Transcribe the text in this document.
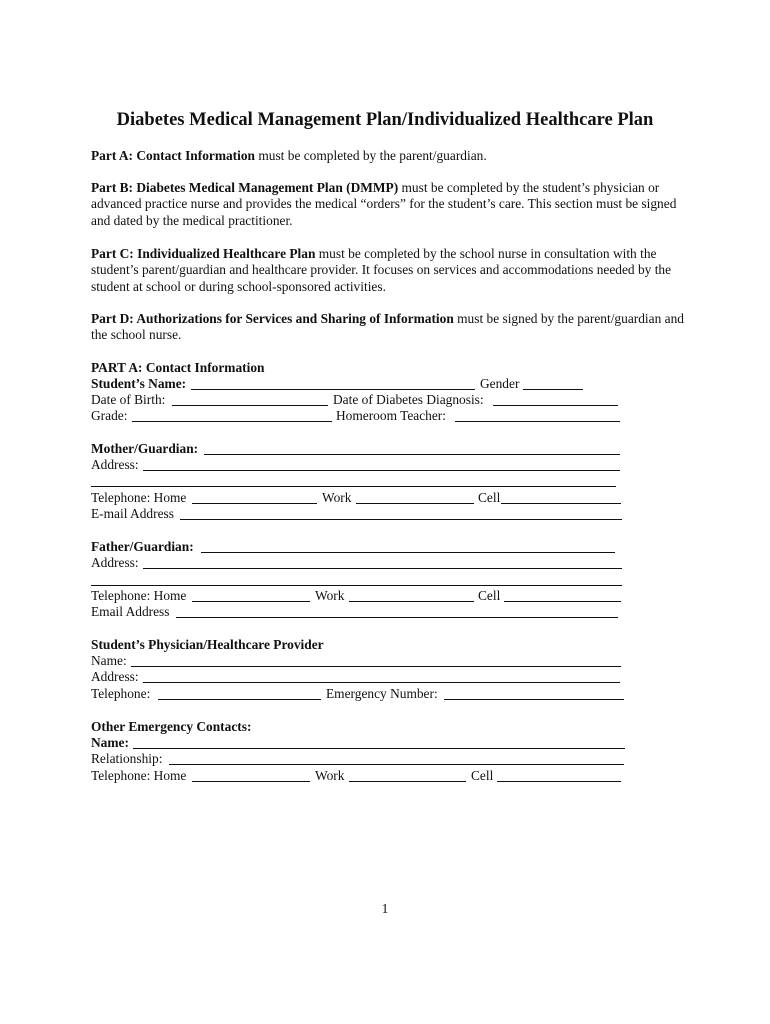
Diabetes Medical Management Plan/Individualized Healthcare Plan
Part A: Contact Information must be completed by the parent/guardian.
Part B: Diabetes Medical Management Plan (DMMP) must be completed by the student’s physician or advanced practice nurse and provides the medical “orders” for the student’s care. This section must be signed and dated by the medical practitioner.
Part C: Individualized Healthcare Plan must be completed by the school nurse in consultation with the student’s parent/guardian and healthcare provider. It focuses on services and accommodations needed by the student at school or during school-sponsored activities.
Part D: Authorizations for Services and Sharing of Information must be signed by the parent/guardian and the school nurse.
PART A: Contact Information
Student’s Name:	Gender
Date of Birth:	Date of Diabetes Diagnosis:
Grade:	Homeroom Teacher:
Mother/Guardian:
Address:
Telephone: Home	Work	Cell
E-mail Address
Father/Guardian:
Address:
Telephone: Home	Work	Cell
Email Address
Student’s Physician/Healthcare Provider
Name:
Address:
Telephone:	Emergency Number:
Other Emergency Contacts:
Name:
Relationship:
Telephone: Home	Work	Cell
1
